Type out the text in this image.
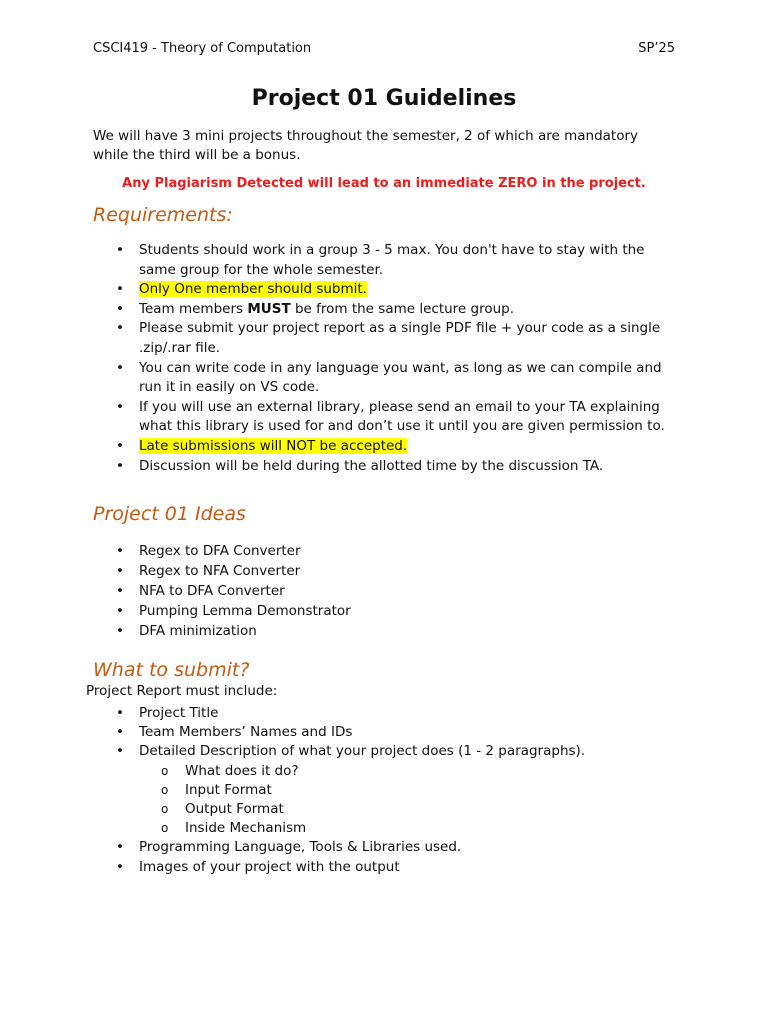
CSCI419 - Theory of Computation	SP’25
Project 01 Guidelines
We will have 3 mini projects throughout the semester, 2 of which are mandatory while the third will be a bonus.
Any Plagiarism Detected will lead to an immediate ZERO in the project.
Requirements:
• Students should work in a group 3 - 5 max. You don't have to stay with the same group for the whole semester.
• Only One member should submit.
• Team members MUST be from the same lecture group.
• Please submit your project report as a single PDF file + your code as a single .zip/.rar file.
• You can write code in any language you want, as long as we can compile and run it in easily on VS code.
• If you will use an external library, please send an email to your TA explaining what this library is used for and don’t use it until you are given permission to.
• Late submissions will NOT be accepted.
• Discussion will be held during the allotted time by the discussion TA.
Project 01 Ideas
• Regex to DFA Converter
• Regex to NFA Converter
• NFA to DFA Converter
• Pumping Lemma Demonstrator
• DFA minimization
What to submit?
Project Report must include:
• Project Title
• Team Members’ Names and IDs
• Detailed Description of what your project does (1 - 2 paragraphs).
o What does it do?
o Input Format
o Output Format
o Inside Mechanism
• Programming Language, Tools & Libraries used.
• Images of your project with the output
